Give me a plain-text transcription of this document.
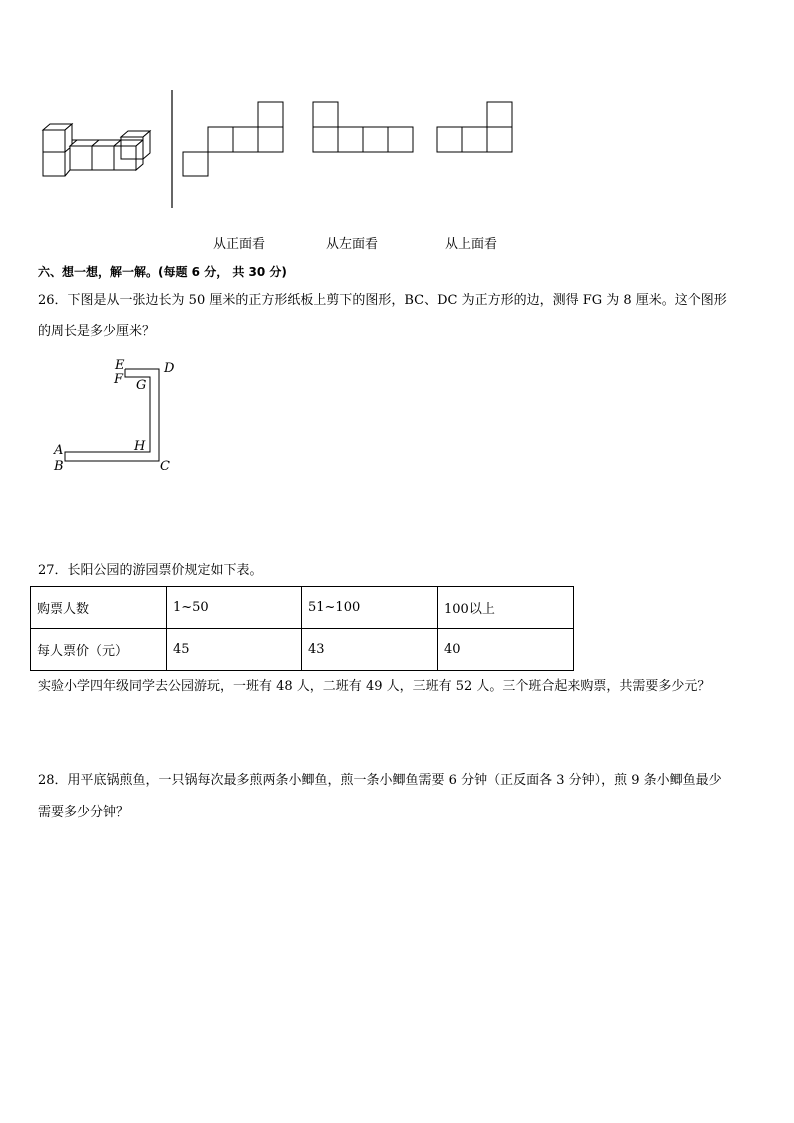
从正面看	从左面看	从上面看
六、想一想，解一解。(每题 6 分， 共 30 分)
26．下图是从一张边长为 50 厘米的正方形纸板上剪下的图形，BC、DC 为正方形的边，测得 FG 为 8 厘米。这个图形
的周长是多少厘米？
E
F G
D
A
B
H
C
27．长阳公园的游园票价规定如下表。
购票人数	1~50	51~100	100以上
每人票价（元）	45	43	40
实验小学四年级同学去公园游玩，一班有 48 人，二班有 49 人，三班有 52 人。三个班合起来购票，共需要多少元？
28．用平底锅煎鱼，一只锅每次最多煎两条小鲫鱼，煎一条小鲫鱼需要 6 分钟（正反面各 3 分钟），煎 9 条小鲫鱼最少
需要多少分钟？
